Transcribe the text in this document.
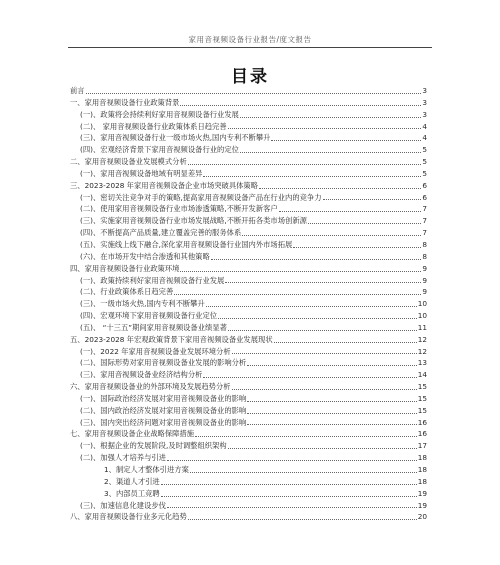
家用音视频设备行业报告/度文报告
目录
前言	3
一、家用音视频设备行业政策背景	3
(一)、政策将会持续利好家用音视频设备行业发展	3
(二)、 家用音视频设备行业政策体系日趋完善	4
(三)、家用音视频设备行业一级市场火热,国内专利不断攀升	4
(四)、宏观经济背景下家用音视频设备行业的定位	5
二、家用音视频设备业发展模式分析	5
(一)、家用音视频设备地域有明显差异	5
三、2023-2028 年家用音视频设备企业市场突破具体策略	6
(一)、密切关注竞争对手的策略,提高家用音视频设备产品在行业内的竞争力	6
(二)、使用家用音视频设备行业市场渗透策略,不断开发新客户	7
(三)、实施家用音视频设备行业市场发展战略,不断开拓各类市场创新源	7
(四)、不断提高产品质量,建立覆盖完善的服务体系	7
(五)、实施线上线下融合,深化家用音视频设备行业国内外市场拓展	8
(六)、在市场开发中结合渗透和其他策略	8
四、家用音视频设备行业政策环境	9
(一)、政策持续利好家用音视频设备行业发展	9
(二)、行业政策体系日趋完善	9
(三)、一级市场火热,国内专利不断攀升	10
(四)、宏观环境下家用音视频设备行业定位	10
(五)、 “十三五”期间家用音视频设备业绩显著	11
五、2023-2028 年宏观政策背景下家用音视频设备业发展现状	12
(一)、2022 年家用音视频设备业发展环境分析	12
(二)、国际形势对家用音视频设备业发展的影响分析	13
(三)、家用音视频设备业经济结构分析	14
六、家用音视频设备业的外部环境及发展趋势分析	15
(一)、国际政治经济发展对家用音视频设备业的影响	15
(二)、国内政治经济发展对家用音视频设备业的影响	15
(三)、国内突出经济问题对家用音视频设备业的影响	16
七、家用音视频设备企业战略保障措施	16
(一)、根据企业的发展阶段,及时调整组织架构	17
(二)、加强人才培养与引进	18
1、制定人才整体引进方案	18
2、渠道人才引进	18
3、内部员工竞聘	19
(三)、加速信息化建设步伐	19
八、家用音视频设备行业多元化趋势	20
